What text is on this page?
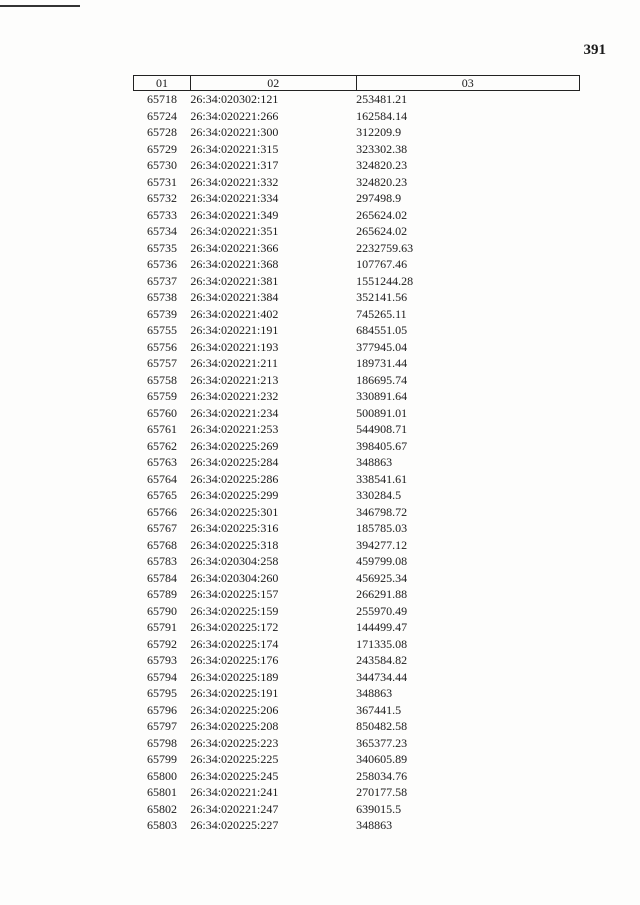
391
01	02	03
65718	26:34:020302:121	253481.21
65724	26:34:020221:266	162584.14
65728	26:34:020221:300	312209.9
65729	26:34:020221:315	323302.38
65730	26:34:020221:317	324820.23
65731	26:34:020221:332	324820.23
65732	26:34:020221:334	297498.9
65733	26:34:020221:349	265624.02
65734	26:34:020221:351	265624.02
65735	26:34:020221:366	2232759.63
65736	26:34:020221:368	107767.46
65737	26:34:020221:381	1551244.28
65738	26:34:020221:384	352141.56
65739	26:34:020221:402	745265.11
65755	26:34:020221:191	684551.05
65756	26:34:020221:193	377945.04
65757	26:34:020221:211	189731.44
65758	26:34:020221:213	186695.74
65759	26:34:020221:232	330891.64
65760	26:34:020221:234	500891.01
65761	26:34:020221:253	544908.71
65762	26:34:020225:269	398405.67
65763	26:34:020225:284	348863
65764	26:34:020225:286	338541.61
65765	26:34:020225:299	330284.5
65766	26:34:020225:301	346798.72
65767	26:34:020225:316	185785.03
65768	26:34:020225:318	394277.12
65783	26:34:020304:258	459799.08
65784	26:34:020304:260	456925.34
65789	26:34:020225:157	266291.88
65790	26:34:020225:159	255970.49
65791	26:34:020225:172	144499.47
65792	26:34:020225:174	171335.08
65793	26:34:020225:176	243584.82
65794	26:34:020225:189	344734.44
65795	26:34:020225:191	348863
65796	26:34:020225:206	367441.5
65797	26:34:020225:208	850482.58
65798	26:34:020225:223	365377.23
65799	26:34:020225:225	340605.89
65800	26:34:020225:245	258034.76
65801	26:34:020221:241	270177.58
65802	26:34:020221:247	639015.5
65803	26:34:020225:227	348863
